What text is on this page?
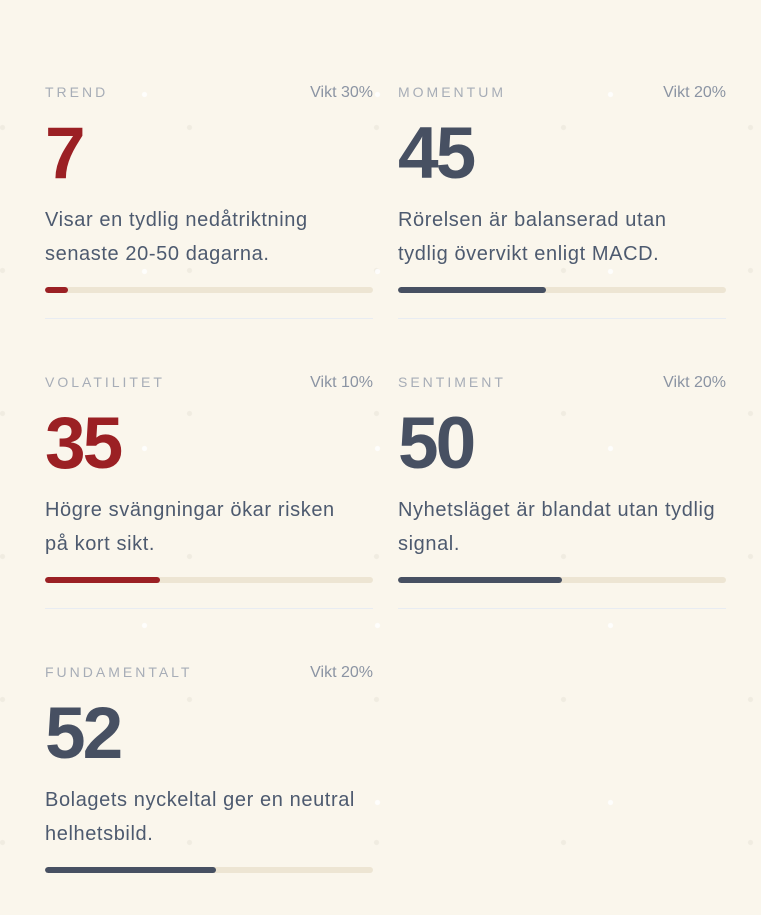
TREND	Vikt 30%
7

Visar en tydlig nedåtriktning
senaste 20-50 dagarna.

MOMENTUM	Vikt 20%
45

Rörelsen är balanserad utan
tydlig övervikt enligt MACD.

VOLATILITET	Vikt 10%
35

Högre svängningar ökar risken
på kort sikt.

SENTIMENT	Vikt 20%
50

Nyhetsläget är blandat utan tydlig
signal.

FUNDAMENTALT	Vikt 20%
52

Bolagets nyckeltal ger en neutral
helhetsbild.
